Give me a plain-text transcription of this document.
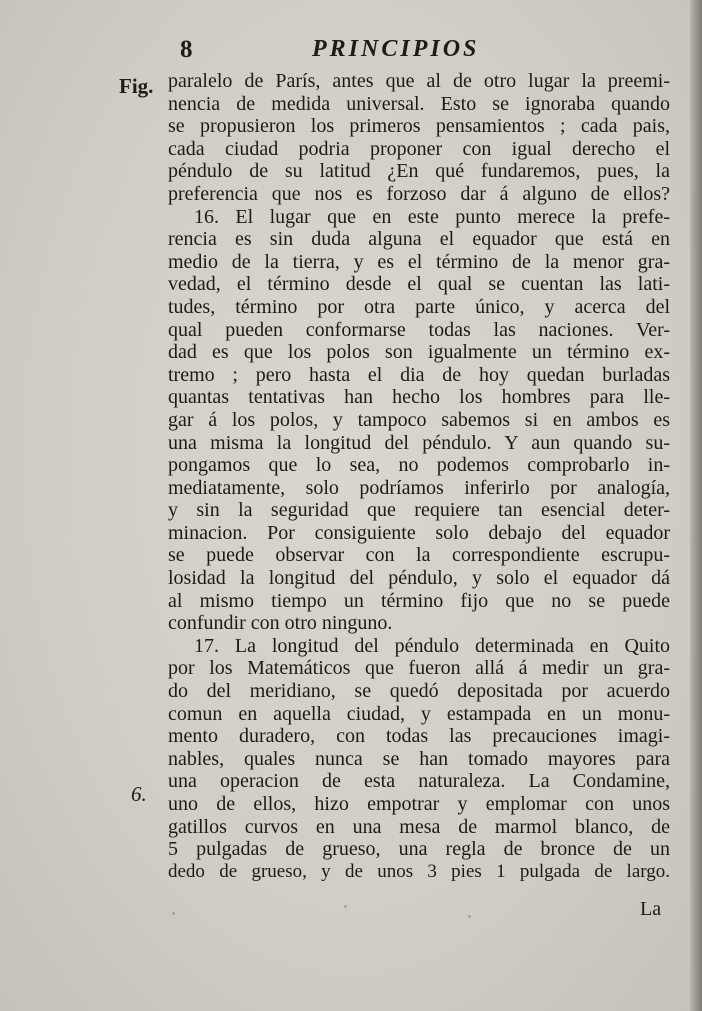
8	PRINCIPIOS
Fig.
6.
paralelo de París, antes que al de otro lugar la preemi-
nencia de medida universal. Esto se ignoraba quando
se propusieron los primeros pensamientos ; cada pais,
cada ciudad podria proponer con igual derecho el
péndulo de su latitud ¿En qué fundaremos, pues, la
preferencia que nos es forzoso dar á alguno de ellos?
16. El lugar que en este punto merece la prefe-
rencia es sin duda alguna el equador que está en
medio de la tierra, y es el término de la menor gra-
vedad, el término desde el qual se cuentan las lati-
tudes, término por otra parte único, y acerca del
qual pueden conformarse todas las naciones. Ver-
dad es que los polos son igualmente un término ex-
tremo ; pero hasta el dia de hoy quedan burladas
quantas tentativas han hecho los hombres para lle-
gar á los polos, y tampoco sabemos si en ambos es
una misma la longitud del péndulo. Y aun quando su-
pongamos que lo sea, no podemos comprobarlo in-
mediatamente, solo podríamos inferirlo por analogía,
y sin la seguridad que requiere tan esencial deter-
minacion. Por consiguiente solo debajo del equador
se puede observar con la correspondiente escrupu-
losidad la longitud del péndulo, y solo el equador dá
al mismo tiempo un término fijo que no se puede
confundir con otro ninguno.
17. La longitud del péndulo determinada en Quito
por los Matemáticos que fueron allá á medir un gra-
do del meridiano, se quedó depositada por acuerdo
comun en aquella ciudad, y estampada en un monu-
mento duradero, con todas las precauciones imagi-
nables, quales nunca se han tomado mayores para
una operacion de esta naturaleza. La Condamine,
uno de ellos, hizo empotrar y emplomar con unos
gatillos curvos en una mesa de marmol blanco, de
5 pulgadas de grueso, una regla de bronce de un
dedo de grueso, y de unos 3 pies 1 pulgada de largo.
La
